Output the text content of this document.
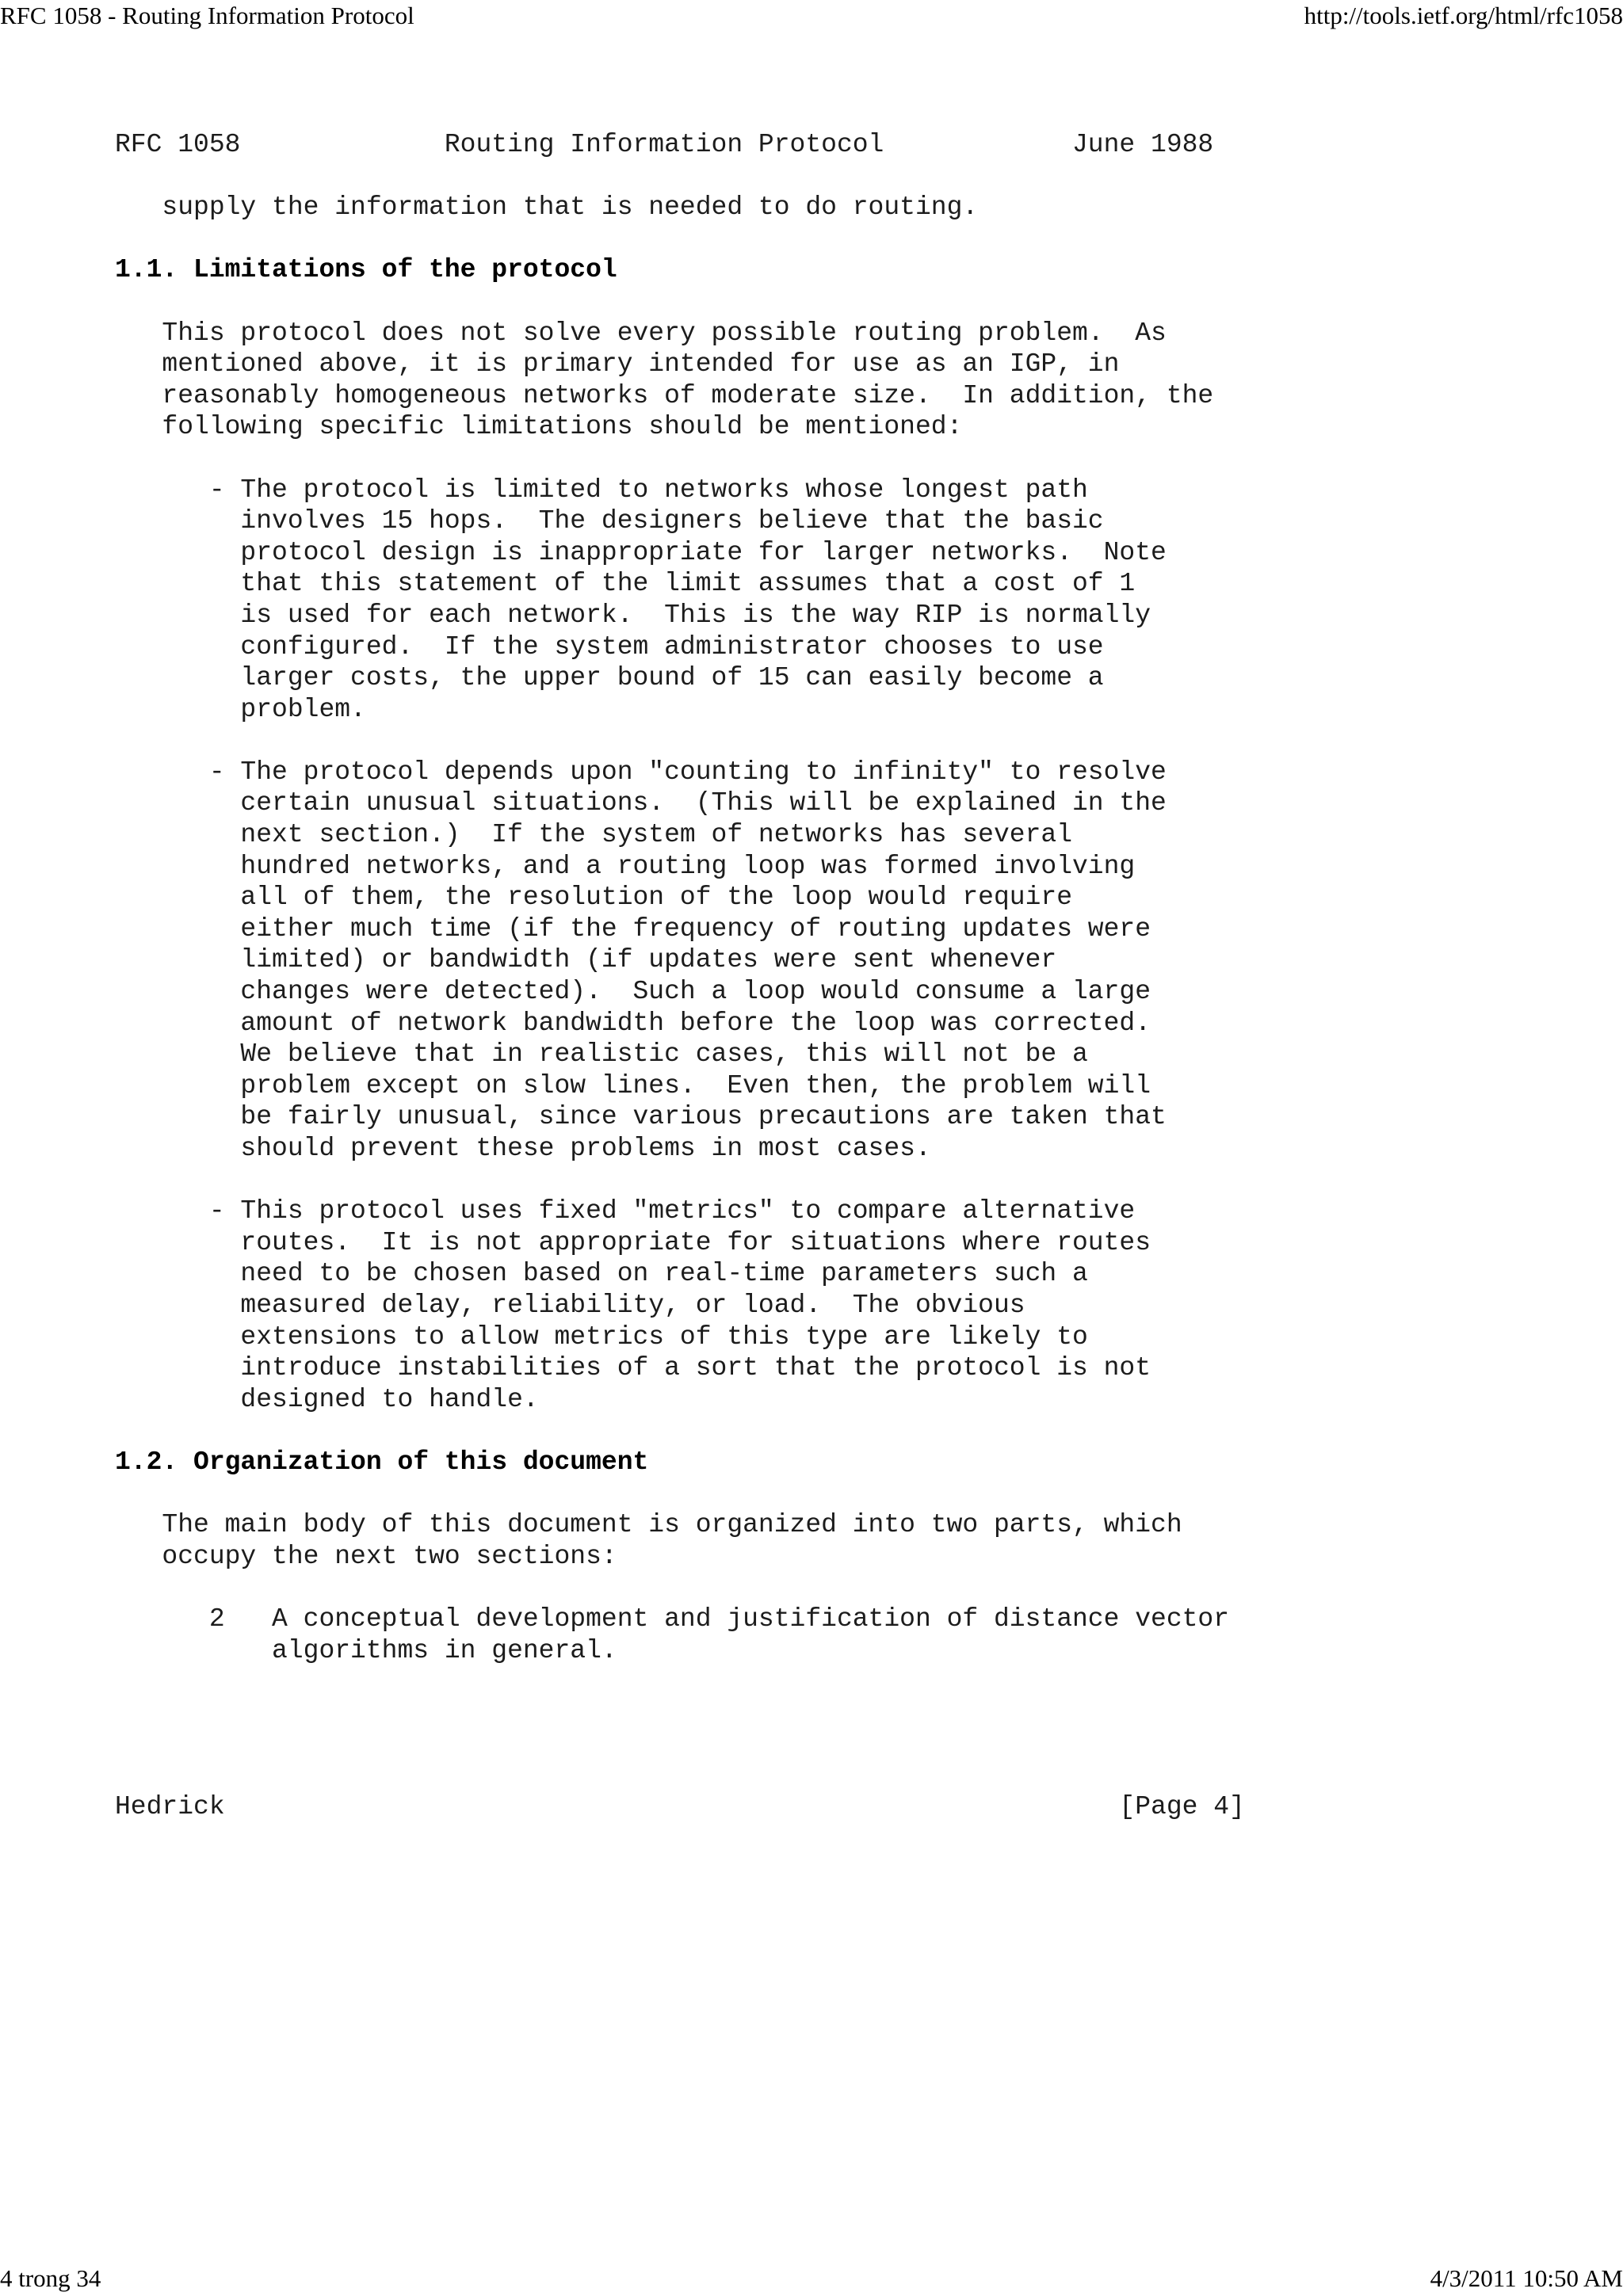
RFC 1058 - Routing Information Protocol	http://tools.ietf.org/html/rfc1058
RFC 1058             Routing Information Protocol            June 1988
supply the information that is needed to do routing.
1.1. Limitations of the protocol
This protocol does not solve every possible routing problem.  As
mentioned above, it is primary intended for use as an IGP, in
reasonably homogeneous networks of moderate size.  In addition, the
following specific limitations should be mentioned:
- The protocol is limited to networks whose longest path
involves 15 hops.  The designers believe that the basic
protocol design is inappropriate for larger networks.  Note
that this statement of the limit assumes that a cost of 1
is used for each network.  This is the way RIP is normally
configured.  If the system administrator chooses to use
larger costs, the upper bound of 15 can easily become a
problem.
- The protocol depends upon "counting to infinity" to resolve
certain unusual situations.  (This will be explained in the
next section.)  If the system of networks has several
hundred networks, and a routing loop was formed involving
all of them, the resolution of the loop would require
either much time (if the frequency of routing updates were
limited) or bandwidth (if updates were sent whenever
changes were detected).  Such a loop would consume a large
amount of network bandwidth before the loop was corrected.
We believe that in realistic cases, this will not be a
problem except on slow lines.  Even then, the problem will
be fairly unusual, since various precautions are taken that
should prevent these problems in most cases.
- This protocol uses fixed "metrics" to compare alternative
routes.  It is not appropriate for situations where routes
need to be chosen based on real-time parameters such a
measured delay, reliability, or load.  The obvious
extensions to allow metrics of this type are likely to
introduce instabilities of a sort that the protocol is not
designed to handle.
1.2. Organization of this document
The main body of this document is organized into two parts, which
occupy the next two sections:
2   A conceptual development and justification of distance vector
algorithms in general.
Hedrick                                                         [Page 4]
4 trong 34	4/3/2011 10:50 AM
